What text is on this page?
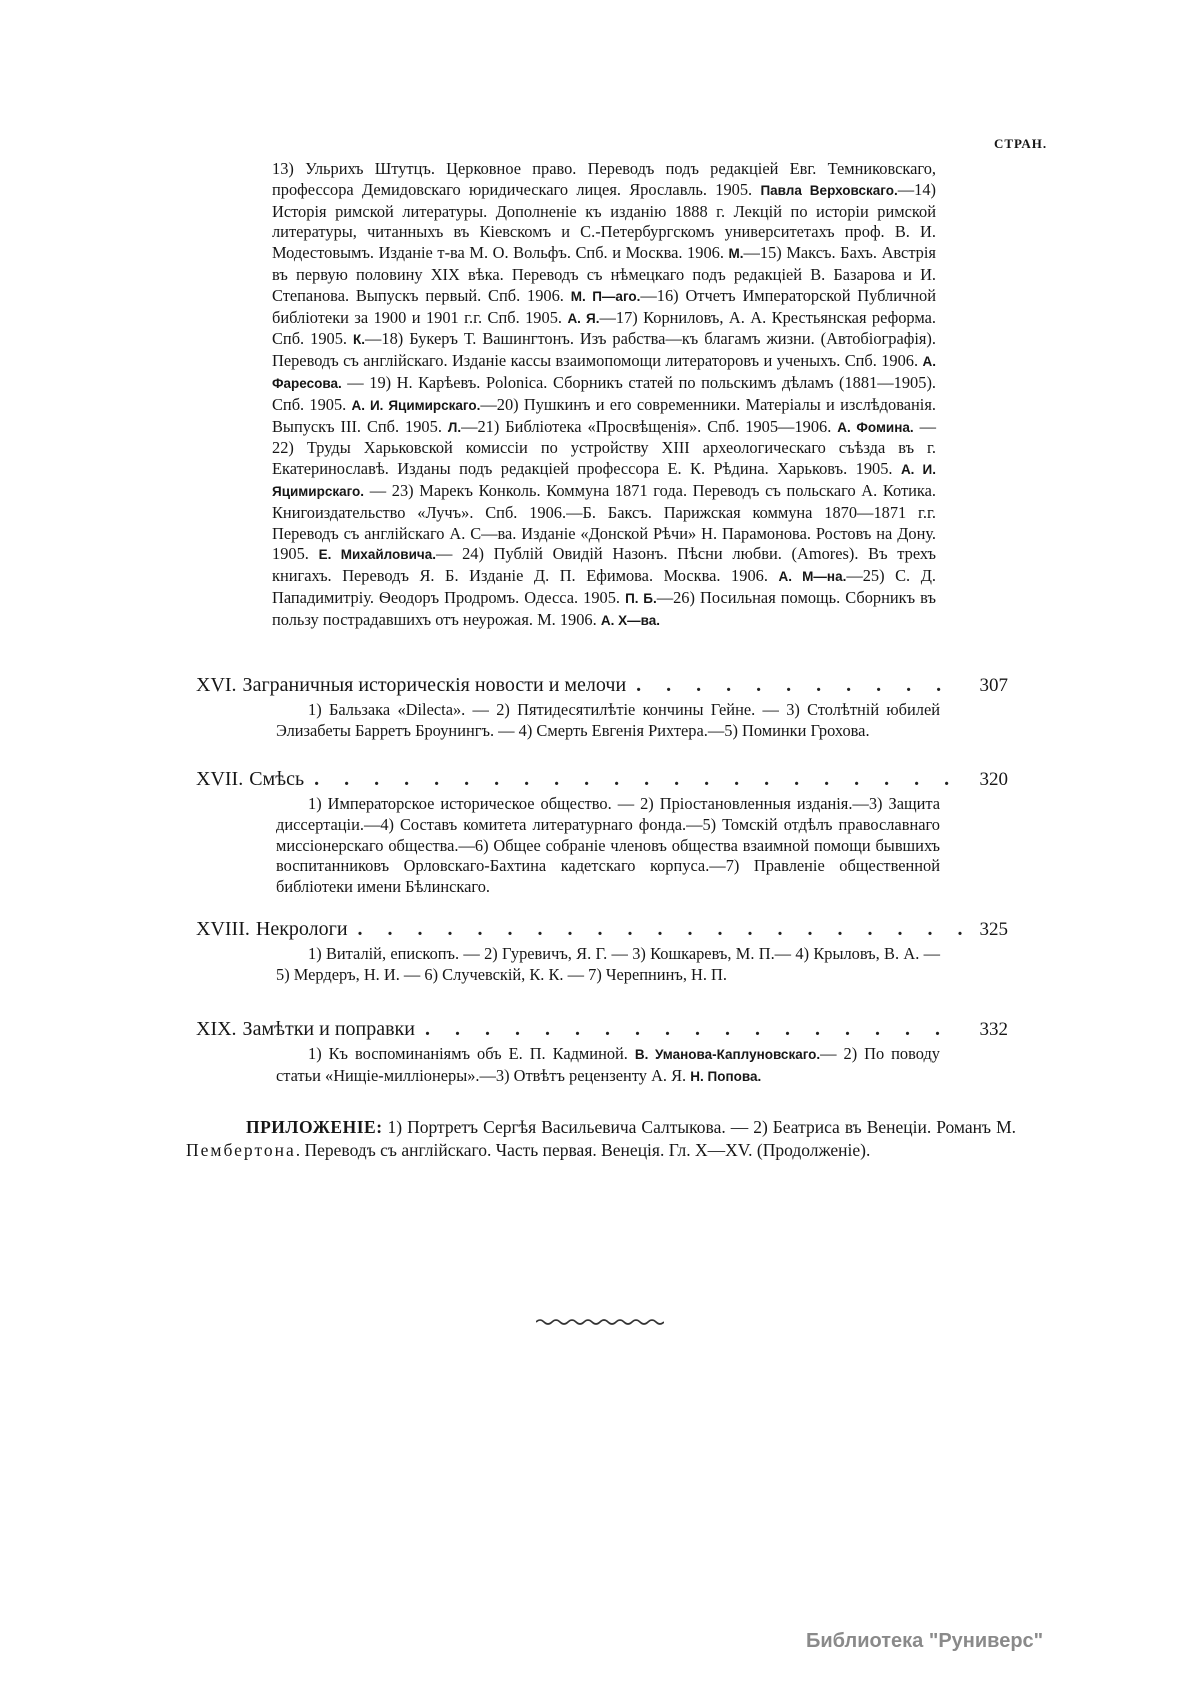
СТРАН.

13) Ульрихъ Штутцъ. Церковное право. Переводъ подъ редакціей Евг. Темниковскаго, профессора Демидовскаго юридическаго лицея. Ярославль. 1905. Павла Верховскаго.—14) Исторія римской литературы. Дополненіе къ изданію 1888 г. Лекцій по исторіи римской литературы, читанныхъ въ Кіевскомъ и С.-Петербургскомъ университетахъ проф. В. И. Модестовымъ. Изданіе т-ва М. О. Вольфъ. Спб. и Москва. 1906. М.—15) Максъ. Бахъ. Австрія въ первую половину XIX вѣка. Переводъ съ нѣмецкаго подъ редакціей В. Базарова и И. Степанова. Выпускъ первый. Спб. 1906. М. П—аго.—16) Отчетъ Императорской Публичной библіотеки за 1900 и 1901 г.г. Спб. 1905. А. Я.—17) Корниловъ, А. А. Крестьянская реформа. Спб. 1905. К.—18) Букеръ Т. Вашингтонъ. Изъ рабства—къ благамъ жизни. (Автобіографія). Переводъ съ англійскаго. Изданіе кассы взаимопомощи литераторовъ и ученыхъ. Спб. 1906. А. Фаресова. — 19) Н. Карѣевъ. Polonica. Сборникъ статей по польскимъ дѣламъ (1881—1905). Спб. 1905. А. И. Яцимирскаго.—20) Пушкинъ и его современники. Матеріалы и изслѣдованія. Выпускъ III. Спб. 1905. Л.—21) Библіотека «Просвѣщенія». Спб. 1905—1906. А. Фомина. — 22) Труды Харьковской комиссіи по устройству XIII археологическаго съѣзда въ г. Екатеринославѣ. Изданы подъ редакціей профессора Е. К. Рѣдина. Харьковъ. 1905. А. И. Яцимирскаго. — 23) Марекъ Конколь. Коммуна 1871 года. Переводъ съ польскаго А. Котика. Книгоиздательство «Лучъ». Спб. 1906.—Б. Баксъ. Парижская коммуна 1870—1871 г.г. Переводъ съ англійскаго А. С—ва. Изданіе «Донской Рѣчи» Н. Парамонова. Ростовъ на Дону. 1905. Е. Михайловича.— 24) Публій Овидій Назонъ. Пѣсни любви. (Amores). Въ трехъ книгахъ. Переводъ Я. Б. Изданіе Д. П. Ефимова. Москва. 1906. А. М—на.—25) С. Д. Пападимитріу. Ѳеодоръ Продромъ. Одесса. 1905. П. Б.—26) Посильная помощь. Сборникъ въ пользу пострадавшихъ отъ неурожая. М. 1906. А. Х—ва.

XVI. Заграничныя историческія новости и мелочи . . .	307
1) Бальзака «Dilecta». — 2) Пятидесятилѣтіе кончины Гейне. — 3) Столѣтній юбилей Элизабеты Барретъ Броунингъ. — 4) Смерть Евгенія Рихтера.—5) Поминки Грохова.
XVII. Смѣсь . . .	320
1) Императорское историческое общество. — 2) Пріостановленныя изданія.—3) Защита диссертаціи.—4) Составъ комитета литературнаго фонда.—5) Томскій отдѣлъ православнаго миссіонерскаго общества.—6) Общее собраніе членовъ общества взаимной помощи бывшихъ воспитанниковъ Орловскаго-Бахтина кадетскаго корпуса.—7) Правленіе общественной библіотеки имени Бѣлинскаго.
XVIII. Некрологи . . .	325
1) Виталій, епископъ. — 2) Гуревичъ, Я. Г. — 3) Кошкаревъ, М. П.— 4) Крыловъ, В. А. — 5) Мердеръ, Н. И. — 6) Случевскій, К. К. — 7) Черепнинъ, Н. П.
XIX. Замѣтки и поправки . . .	332
1) Къ воспоминаніямъ объ Е. П. Кадминой. В. Уманова-Каплуновскаго.— 2) По поводу статьи «Нищіе-милліонеры».—3) Отвѣтъ рецензенту А. Я. Н. Попова.

ПРИЛОЖЕНІЕ: 1) Портретъ Сергѣя Васильевича Салтыкова. — 2) Беатриса въ Венеціи. Романъ М. Пембертона. Переводъ съ англійскаго. Часть первая. Венеція. Гл. X—XV. (Продолженіе).

Библиотека "Руниверс"
